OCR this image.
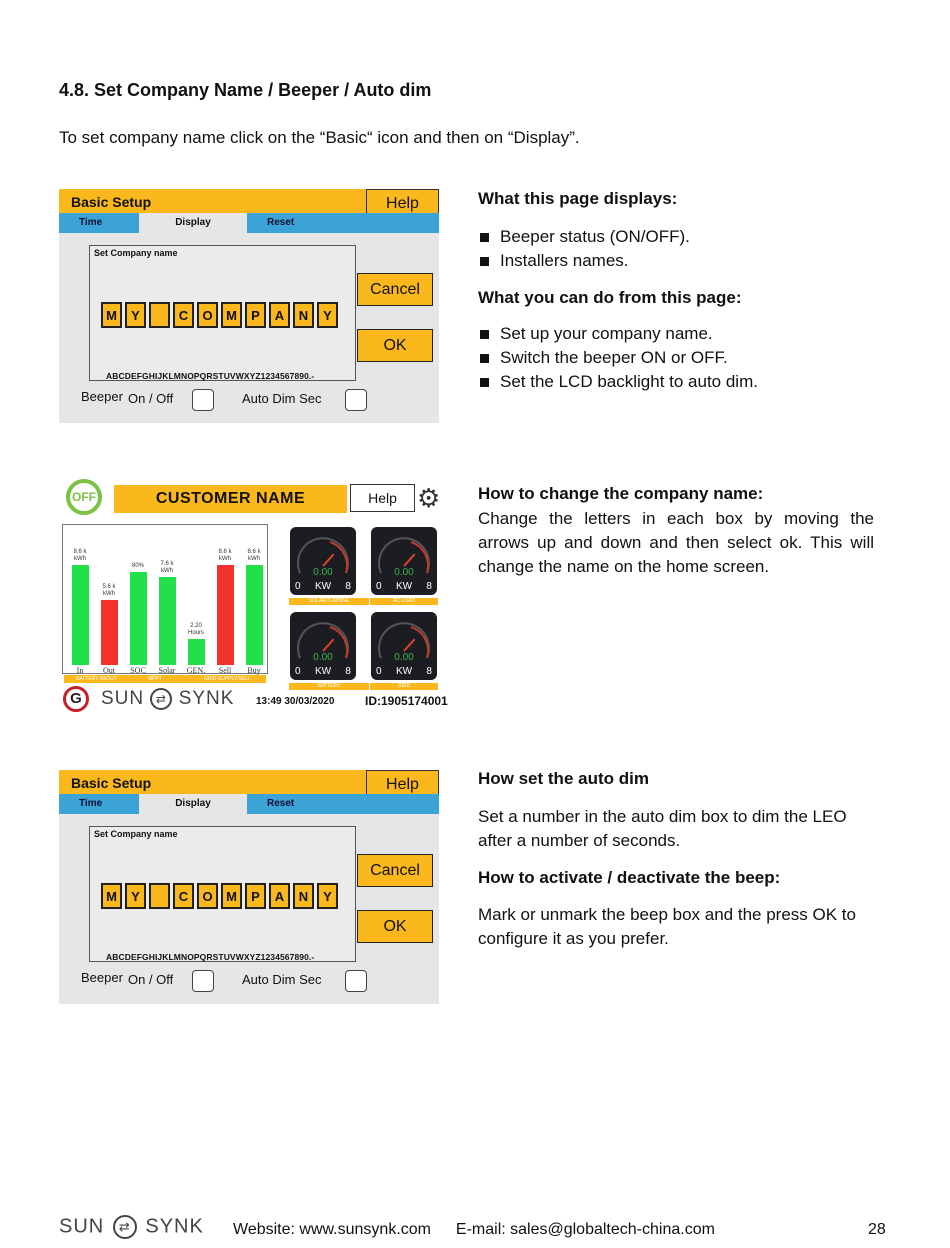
4.8. Set Company Name / Beeper / Auto dim

To set company name click on the “Basic“ icon and then on “Display”.

Basic Setup	Help
Time	Display	Reset
Set Company name
M	Y	C	O	M	P	A	N	Y
ABCDEFGHIJKLMNOPQRSTUVWXYZ1234567890.-
Cancel
OK
Beeper On / Off	Auto Dim Sec
What this page displays:
Beeper status (ON/OFF).
Installers names.
What you can do from this page:
Set up your company name.
Switch the beeper ON or OFF.
Set the LCD backlight to auto dim.
OFF	CUSTOMER NAME	Help ⚙
8.6 k kWh
In
5.6 k kWh
Out
80%
SOC
7.6 k kWh
Solar
2.20 Hours
GEN.
8.6 k kWh
Sell
8.6 k kWh
Buy
BATTERY IN/OUT	MPPT	GRID SUPPLY/SELL
0.00
0 KW 8
SOLAR/TURBINE
0.00
0 KW 8
AC LOAD
0.00
0 KW 8
BATTERY
0.00
0 KW 8
GRID
G	SUN ⇄ SYNK 13:49 30/03/2020	ID:1905174001
How to change the company name:

Change the letters in each box by moving the arrows up and down and then select ok. This will change the name on the home screen.

Basic Setup	Help
Time	Display	Reset
Set Company name
M	Y	C	O	M	P	A	N	Y
ABCDEFGHIJKLMNOPQRSTUVWXYZ1234567890.-
Cancel
OK
Beeper On / Off	Auto Dim Sec
How set the auto dim

Set a number in the auto dim box to dim the LEO after a number of seconds.

How to activate / deactivate the beep:

Mark or unmark the beep box and the press OK to configure it as you prefer.

SUN ⇄ SYNK Website: www.sunsynk.com E-mail: sales@globaltech-china.com	28
